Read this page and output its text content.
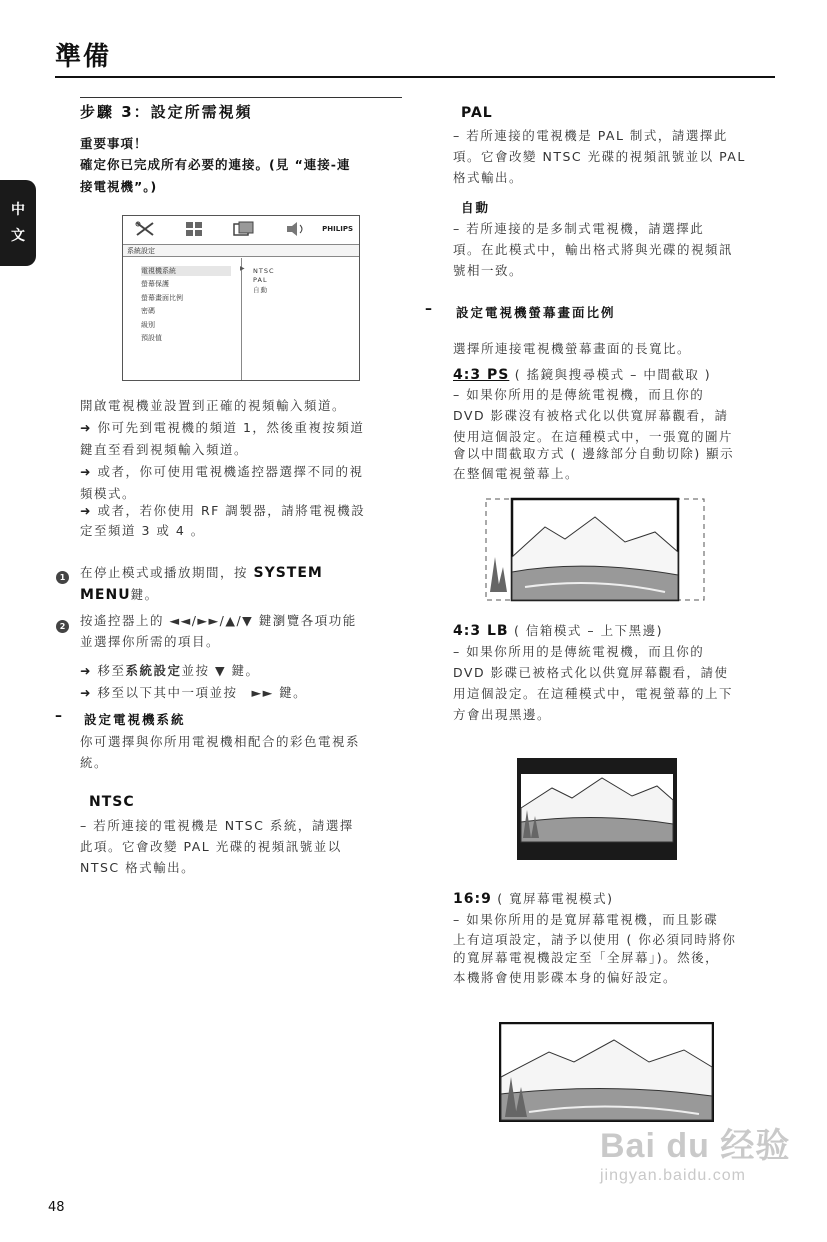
準備
中
文
步驟 3：設定所需視頻
重要事項！
確定你已完成所有必要的連接。(見 “連接-連
接電視機”。)
PHILIPS
系統設定
電視機系統
螢幕保護
螢幕畫面比例
密碼
級別
預設值
▶ NTSC
PAL
自動
開啟電視機並設置到正確的視頻輸入頻道。
➜ 你可先到電視機的頻道 1，然後重複按頻道
鍵直至看到視頻輸入頻道。
➜ 或者，你可使用電視機遙控器選擇不同的視
頻模式。
➜ 或者，若你使用 RF 調製器，請將電視機設
定至頻道 3 或 4 。
1 在停止模式或播放期間，按 SYSTEM
MENU鍵。
2 按遙控器上的 ◄◄/►►/▲/▼ 鍵瀏覽各項功能
並選擇你所需的項目。
➜ 移至系統設定並按 ▼ 鍵。
➜ 移至以下其中一項並按　►► 鍵。
– 設定電視機系統
你可選擇與你所用電視機相配合的彩色電視系
統。
NTSC
– 若所連接的電視機是 NTSC 系統，請選擇
此項。它會改變 PAL 光碟的視頻訊號並以
NTSC 格式輸出。
PAL
– 若所連接的電視機是 PAL 制式，請選擇此
項。它會改變 NTSC 光碟的視頻訊號並以 PAL
格式輸出。
自動
– 若所連接的是多制式電視機，請選擇此
項。在此模式中，輸出格式將與光碟的視頻訊
號相一致。
– 設定電視機螢幕畫面比例
選擇所連接電視機螢幕畫面的長寬比。
4:3 PS ( 搖鏡與搜尋模式 – 中間截取 )
– 如果你所用的是傳統電視機，而且你的
DVD 影碟沒有被格式化以供寬屏幕觀看，請
使用這個設定。在這種模式中，一張寬的圖片
會以中間截取方式 ( 邊緣部分自動切除) 顯示
在整個電視螢幕上。
4:3 LB ( 信箱模式 – 上下黑邊)
– 如果你所用的是傳統電視機，而且你的
DVD 影碟已被格式化以供寬屏幕觀看，請使
用這個設定。在這種模式中，電視螢幕的上下
方會出現黑邊。
16:9 ( 寬屏幕電視模式)
– 如果你所用的是寬屏幕電視機，而且影碟
上有這項設定，請予以使用 ( 你必須同時將你
的寬屏幕電視機設定至「全屏幕」)。然後，
本機將會使用影碟本身的偏好設定。
48
Bai du 经验
jingyan.baidu.com
